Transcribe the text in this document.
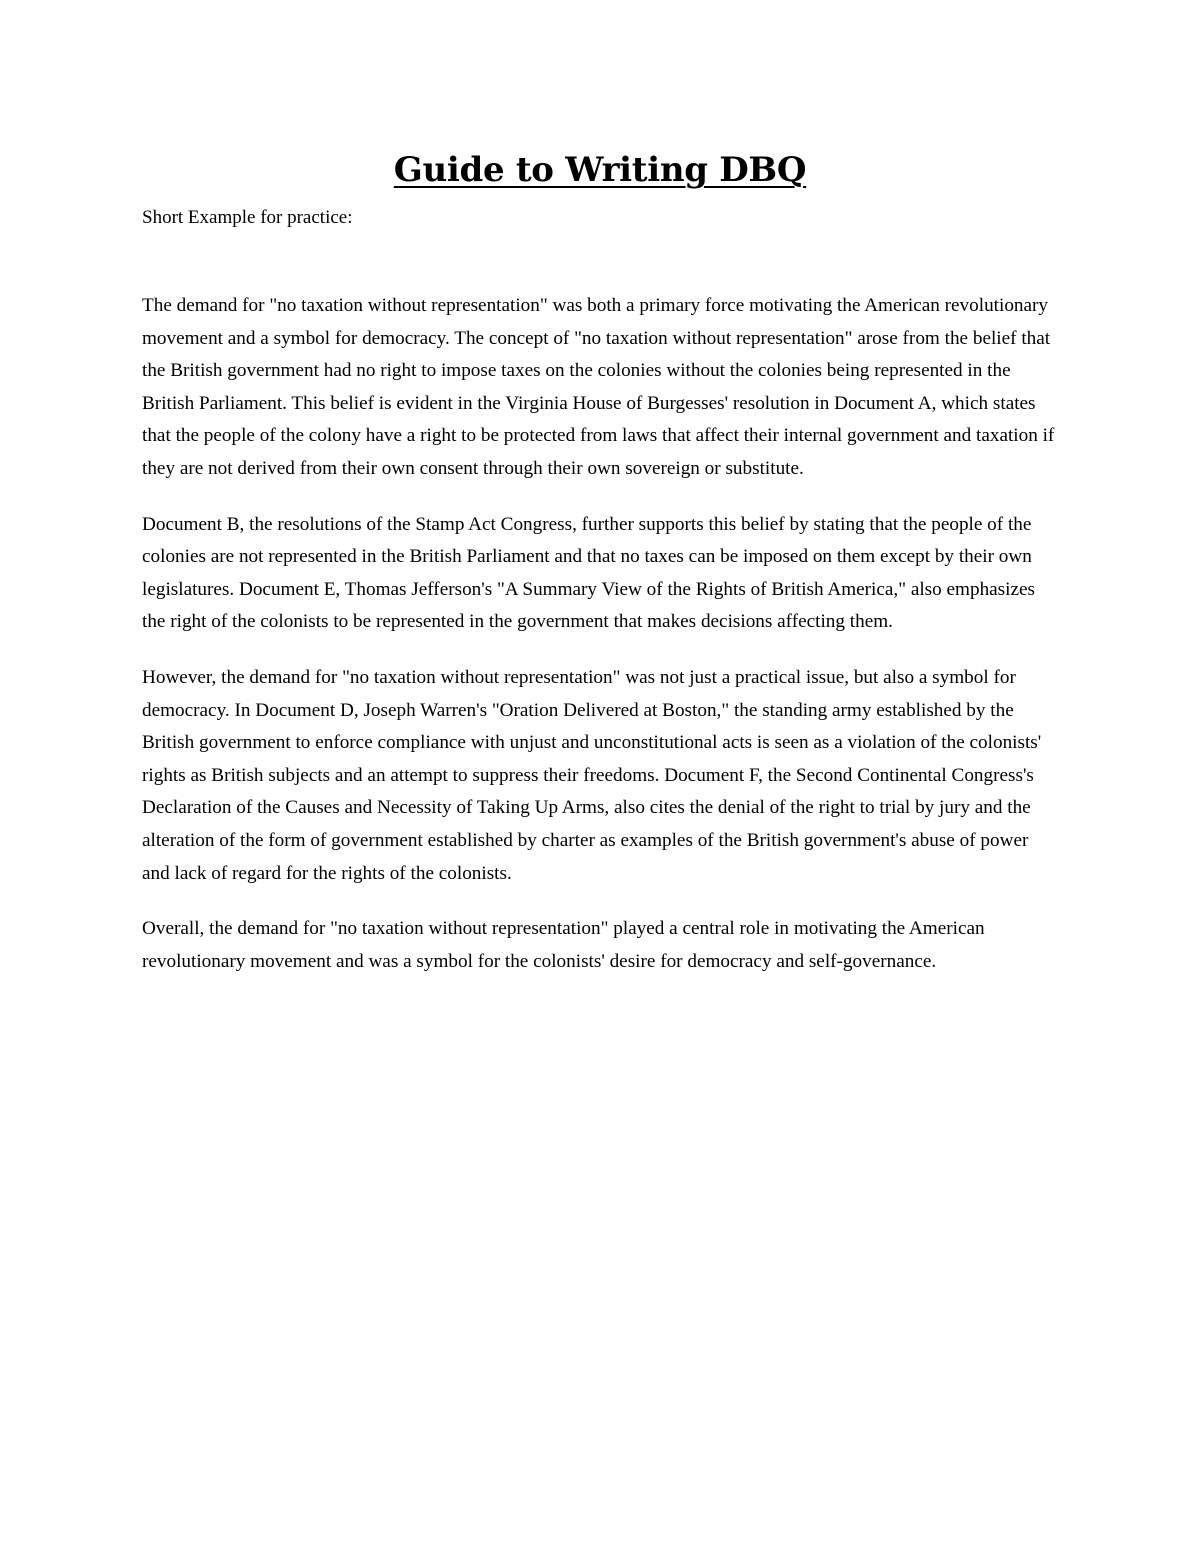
Guide to Writing DBQ
Short Example for practice:

The demand for "no taxation without representation" was both a primary force motivating the American revolutionary movement and a symbol for democracy. The concept of "no taxation without representation" arose from the belief that the British government had no right to impose taxes on the colonies without the colonies being represented in the British Parliament. This belief is evident in the Virginia House of Burgesses' resolution in Document A, which states that the people of the colony have a right to be protected from laws that affect their internal government and taxation if they are not derived from their own consent through their own sovereign or substitute.

Document B, the resolutions of the Stamp Act Congress, further supports this belief by stating that the people of the colonies are not represented in the British Parliament and that no taxes can be imposed on them except by their own legislatures. Document E, Thomas Jefferson's "A Summary View of the Rights of British America," also emphasizes the right of the colonists to be represented in the government that makes decisions affecting them.

However, the demand for "no taxation without representation" was not just a practical issue, but also a symbol for democracy. In Document D, Joseph Warren's "Oration Delivered at Boston," the standing army established by the British government to enforce compliance with unjust and unconstitutional acts is seen as a violation of the colonists' rights as British subjects and an attempt to suppress their freedoms. Document F, the Second Continental Congress's Declaration of the Causes and Necessity of Taking Up Arms, also cites the denial of the right to trial by jury and the alteration of the form of government established by charter as examples of the British government's abuse of power and lack of regard for the rights of the colonists.

Overall, the demand for "no taxation without representation" played a central role in motivating the American revolutionary movement and was a symbol for the colonists' desire for democracy and self-governance.
